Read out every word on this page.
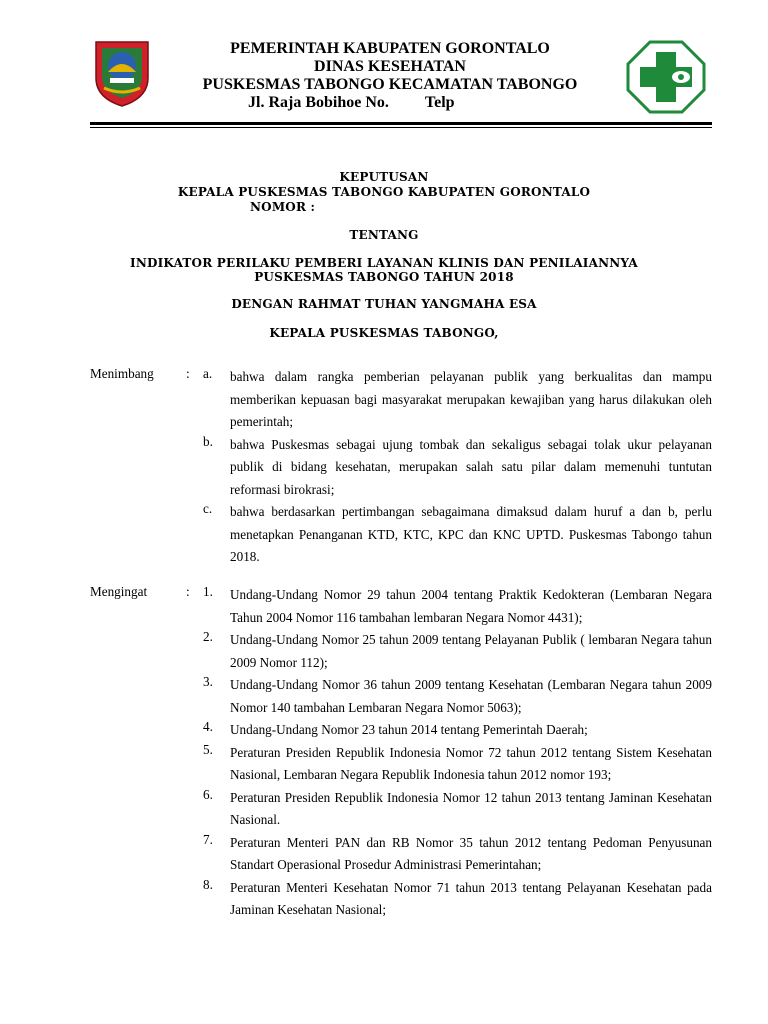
PEMERINTAH KABUPATEN GORONTALO
DINAS KESEHATAN
PUSKESMAS TABONGO KECAMATAN TABONGO
Jl. Raja Bobihoe No. Telp
KEPUTUSAN
KEPALA PUSKESMAS TABONGO KABUPATEN GORONTALO
NOMOR :
TENTANG
INDIKATOR PERILAKU PEMBERI LAYANAN KLINIS DAN PENILAIANNYA
PUSKESMAS TABONGO TAHUN 2018
DENGAN RAHMAT TUHAN YANGMAHA ESA
KEPALA PUSKESMAS TABONGO,
Menimbang : a. bahwa dalam rangka pemberian pelayanan publik yang berkualitas dan mampu memberikan kepuasan bagi masyarakat merupakan kewajiban yang harus dilakukan oleh pemerintah;
b. bahwa Puskesmas sebagai ujung tombak dan sekaligus sebagai tolak ukur pelayanan publik di bidang kesehatan, merupakan salah satu pilar dalam memenuhi tuntutan reformasi birokrasi;
c. bahwa berdasarkan pertimbangan sebagaimana dimaksud dalam huruf a dan b, perlu menetapkan Penanganan KTD, KTC, KPC dan KNC UPTD. Puskesmas Tabongo tahun 2018.
Mengingat	: 1. Undang-Undang Nomor 29 tahun 2004 tentang Praktik Kedokteran (Lembaran Negara Tahun 2004 Nomor 116 tambahan lembaran Negara Nomor 4431);
2. Undang-Undang Nomor 25 tahun 2009 tentang Pelayanan Publik ( lembaran Negara tahun 2009 Nomor 112);
3. Undang-Undang Nomor 36 tahun 2009 tentang Kesehatan (Lembaran Negara tahun 2009 Nomor 140 tambahan Lembaran Negara Nomor 5063);
4. Undang-Undang Nomor 23 tahun 2014 tentang Pemerintah Daerah;
5. Peraturan Presiden Republik Indonesia Nomor 72 tahun 2012 tentang Sistem Kesehatan Nasional, Lembaran Negara Republik Indonesia tahun 2012 nomor 193;
6. Peraturan Presiden Republik Indonesia Nomor 12 tahun 2013 tentang Jaminan Kesehatan Nasional.
7. Peraturan Menteri PAN dan RB Nomor 35 tahun 2012 tentang Pedoman Penyusunan Standart Operasional Prosedur Administrasi Pemerintahan;
8. Peraturan Menteri Kesehatan Nomor 71 tahun 2013 tentang Pelayanan Kesehatan pada Jaminan Kesehatan Nasional;
